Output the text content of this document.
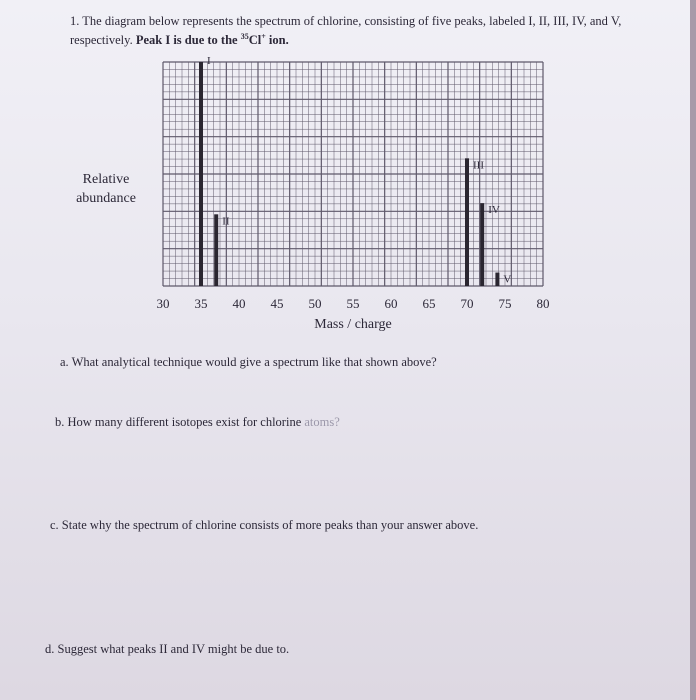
1. The diagram below represents the spectrum of chlorine, consisting of five peaks, labeled I, II, III, IV, and V, respectively. Peak I is due to the $^{35}$Cl+ ion.
Relative abundance
I
II
III
IV
V
30 35 40 45 50 55 60 65 70 75 80
Mass / charge
a. What analytical technique would give a spectrum like that shown above?
b. How many different isotopes exist for chlorine atoms?
c. State why the spectrum of chlorine consists of more peaks than your answer above.
d. Suggest what peaks II and IV might be due to.
